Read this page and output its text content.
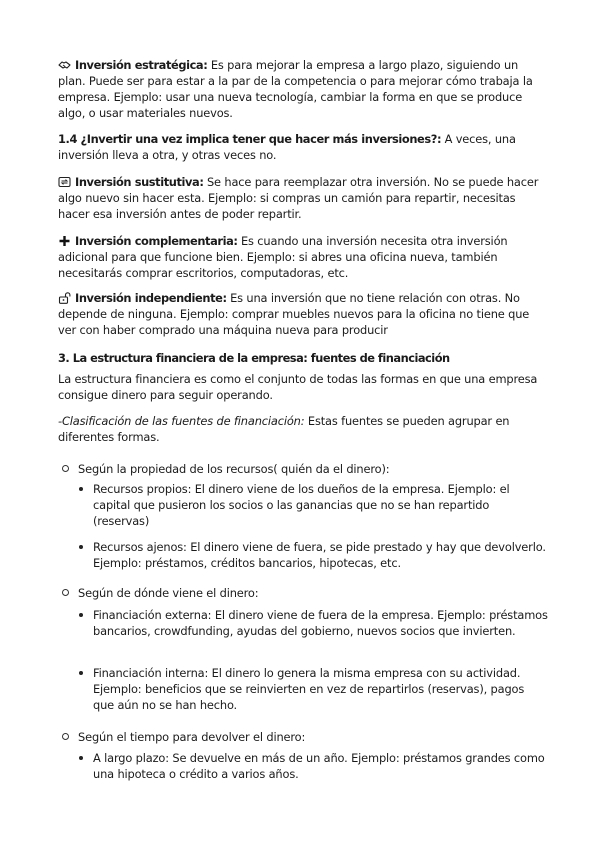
Inversión estratégica: Es para mejorar la empresa a largo plazo, siguiendo un plan. Puede ser para estar a la par de la competencia o para mejorar cómo trabaja la empresa. Ejemplo: usar una nueva tecnología, cambiar la forma en que se produce algo, o usar materiales nuevos.

1.4 ¿Invertir una vez implica tener que hacer más inversiones?: A veces, una inversión lleva a otra, y otras veces no.

Inversión sustitutiva: Se hace para reemplazar otra inversión. No se puede hacer algo nuevo sin hacer esta. Ejemplo: si compras un camión para repartir, necesitas hacer esa inversión antes de poder repartir.

Inversión complementaria: Es cuando una inversión necesita otra inversión adicional para que funcione bien. Ejemplo: si abres una oficina nueva, también necesitarás comprar escritorios, computadoras, etc.

Inversión independiente: Es una inversión que no tiene relación con otras. No depende de ninguna. Ejemplo: comprar muebles nuevos para la oficina no tiene que ver con haber comprado una máquina nueva para producir

3. La estructura financiera de la empresa: fuentes de financiación

La estructura financiera es como el conjunto de todas las formas en que una empresa consigue dinero para seguir operando.

-Clasificación de las fuentes de financiación: Estas fuentes se pueden agrupar en diferentes formas.

Según la propiedad de los recursos( quién da el dinero):
Recursos propios: El dinero viene de los dueños de la empresa. Ejemplo: el capital que pusieron los socios o las ganancias que no se han repartido (reservas)
Recursos ajenos: El dinero viene de fuera, se pide prestado y hay que devolverlo. Ejemplo: préstamos, créditos bancarios, hipotecas, etc.
Según de dónde viene el dinero:
Financiación externa: El dinero viene de fuera de la empresa. Ejemplo: préstamos bancarios, crowdfunding, ayudas del gobierno, nuevos socios que invierten.
Financiación interna: El dinero lo genera la misma empresa con su actividad. Ejemplo: beneficios que se reinvierten en vez de repartirlos (reservas), pagos que aún no se han hecho.
Según el tiempo para devolver el dinero:
A largo plazo: Se devuelve en más de un año. Ejemplo: préstamos grandes como una hipoteca o crédito a varios años.
